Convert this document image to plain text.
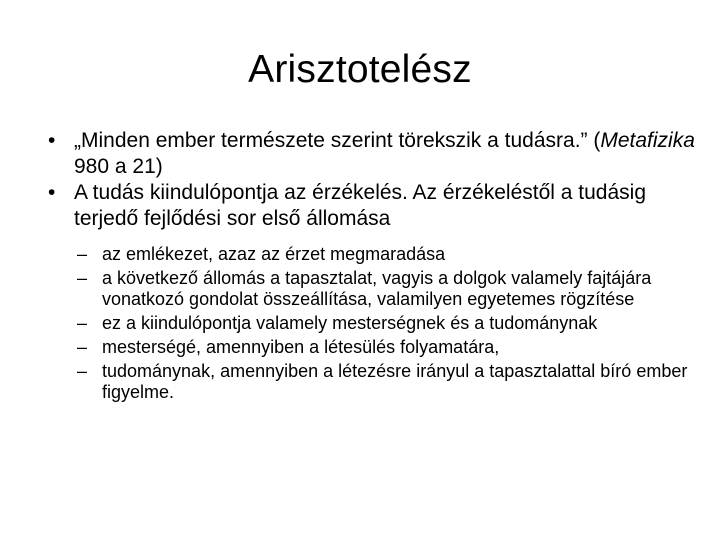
Arisztotelész
• „Minden ember természete szerint törekszik a tudásra.” (Metafizika 980 a 21)
• A tudás kiindulópontja az érzékelés. Az érzékeléstől a tudásig terjedő fejlődési sor első állomása
– az emlékezet, azaz az érzet megmaradása
– a következő állomás a tapasztalat, vagyis a dolgok valamely fajtájára vonatkozó gondolat összeállítása, valamilyen egyetemes rögzítése
– ez a kiindulópontja valamely mesterségnek és a tudománynak
– mesterségé, amennyiben a létesülés folyamatára,
– tudománynak, amennyiben a létezésre irányul a tapasztalattal bíró ember figyelme.
